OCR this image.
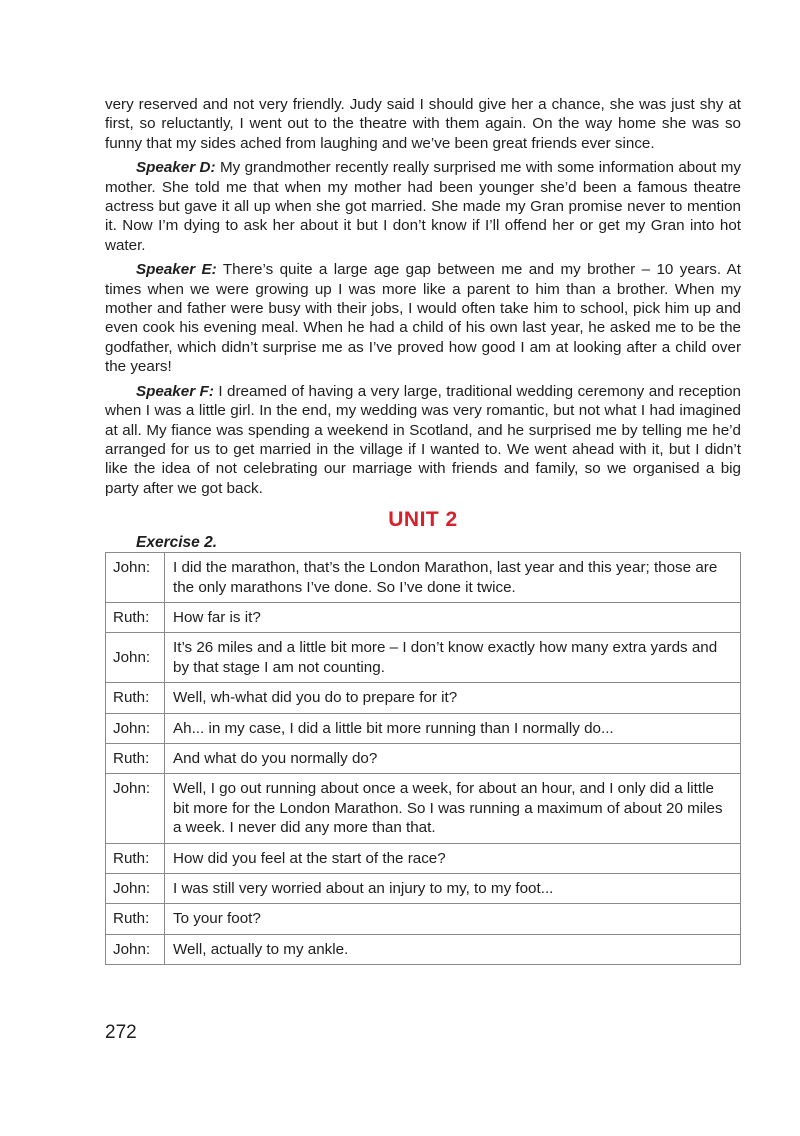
very reserved and not very friendly. Judy said I should give her a chance, she was just shy at first, so reluctantly, I went out to the theatre with them again. On the way home she was so funny that my sides ached from laughing and we’ve been great friends ever since.

Speaker D: My grandmother recently really surprised me with some information about my mother. She told me that when my mother had been younger she’d been a famous theatre actress but gave it all up when she got married. She made my Gran promise never to mention it. Now I’m dying to ask her about it but I don’t know if I’ll offend her or get my Gran into hot water.

Speaker E: There’s quite a large age gap between me and my brother – 10 years. At times when we were growing up I was more like a parent to him than a brother. When my mother and father were busy with their jobs, I would often take him to school, pick him up and even cook his evening meal. When he had a child of his own last year, he asked me to be the godfather, which didn’t surprise me as I’ve proved how good I am at looking after a child over the years!

Speaker F: I dreamed of having a very large, traditional wedding ceremony and reception when I was a little girl. In the end, my wedding was very romantic, but not what I had imagined at all. My fiance was spending a weekend in Scotland, and he surprised me by telling me he’d arranged for us to get married in the village if I wanted to. We went ahead with it, but I didn’t like the idea of not celebrating our marriage with friends and family, so we organised a big party after we got back.

UNIT 2
Exercise 2.
John:	I did the marathon, that’s the London Marathon, last year and this year; those are the only marathons I’ve done. So I’ve done it twice.
Ruth:	How far is it?
John:	It’s 26 miles and a little bit more – I don’t know exactly how many extra yards and by that stage I am not counting.
Ruth:	Well, wh-what did you do to prepare for it?
John:	Ah... in my case, I did a little bit more running than I normally do...
Ruth:	And what do you normally do?
John:	Well, I go out running about once a week, for about an hour, and I only did a little bit more for the London Marathon. So I was running a maximum of about 20 miles a week. I never did any more than that.
Ruth:	How did you feel at the start of the race?
John:	I was still very worried about an injury to my, to my foot...
Ruth:	To your foot?
John:	Well, actually to my ankle.
272
